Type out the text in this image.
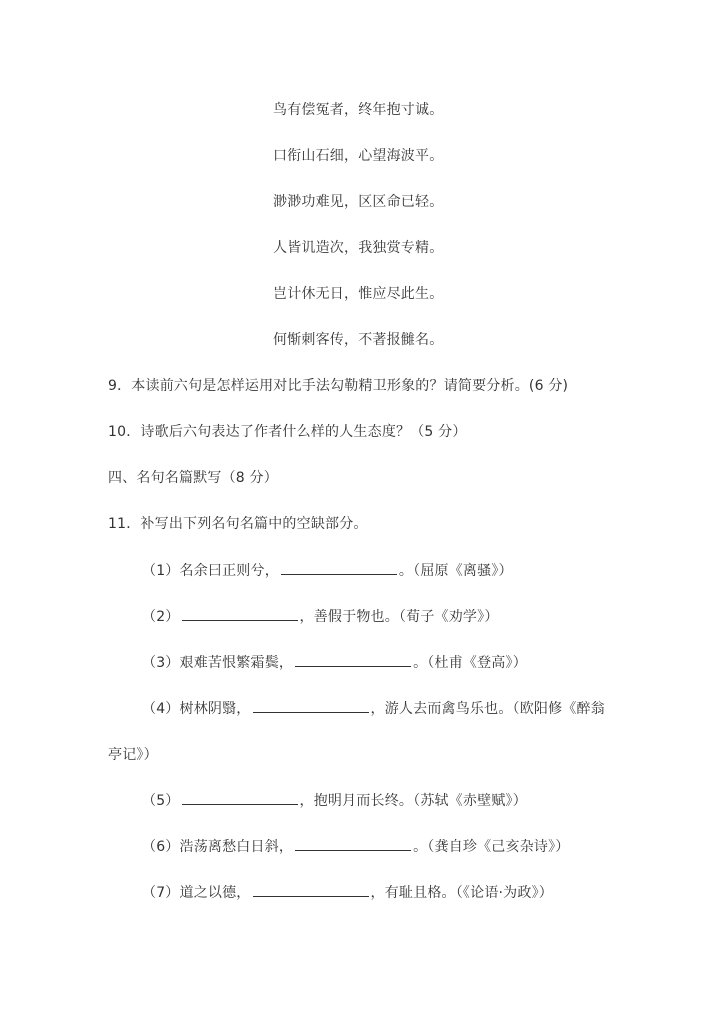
鸟有偿冤者，终年抱寸诚。
口衔山石细，心望海波平。
渺渺功难见，区区命已轻。
人皆讥造次，我独赏专精。
岂计休无日，惟应尽此生。
何惭刺客传，不著报雠名。
9．本读前六句是怎样运用对比手法勾勒精卫形象的？请简要分析。(6 分)
10．诗歌后六句表达了作者什么样的人生态度？（5 分）
四、名句名篇默写（8 分）
11．补写出下列名句名篇中的空缺部分。
（1）名余曰正则兮，	。（屈原《离骚》）
（2）	，善假于物也。（荀子《劝学》）
（3）艰难苦恨繁霜鬓，	。（杜甫《登高》）
（4）树林阴翳，	，游人去而禽鸟乐也。（欧阳修《醉翁
亭记》）
（5）	，抱明月而长终。（苏轼《赤壁赋》）
（6）浩荡离愁白日斜，	。（龚自珍《己亥杂诗》）
（7）道之以德，	，有耻且格。（《论语·为政》）
